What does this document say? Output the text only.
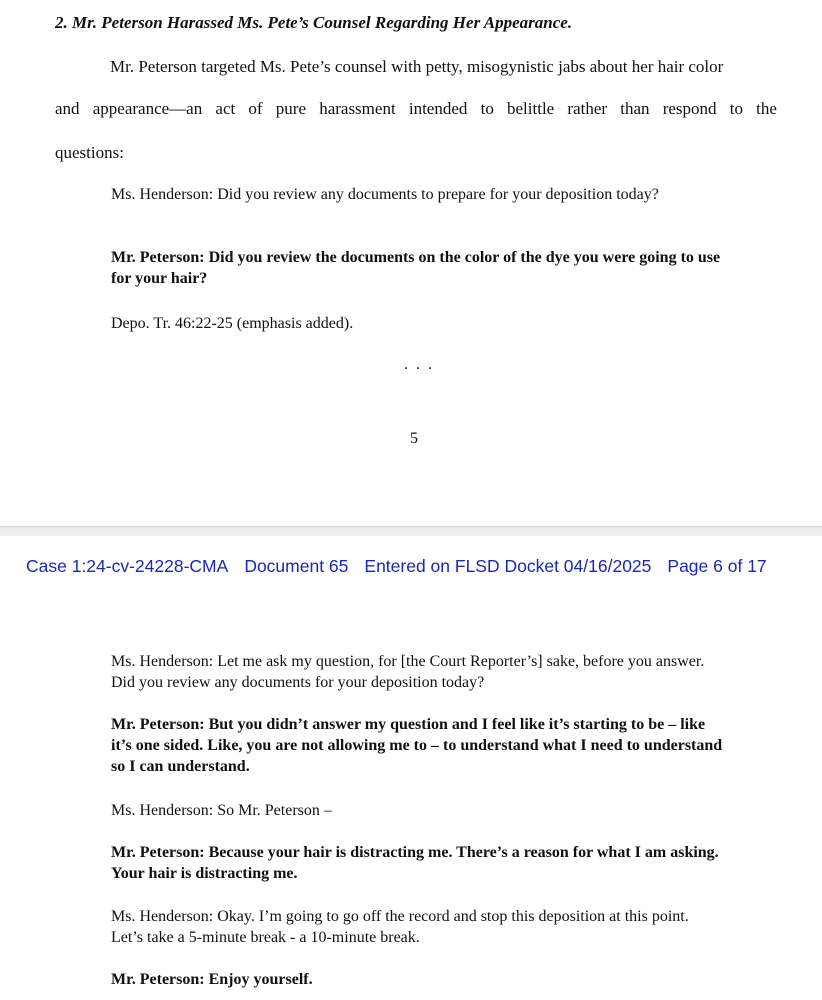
2. Mr. Peterson Harassed Ms. Pete’s Counsel Regarding Her Appearance.
Mr. Peterson targeted Ms. Pete’s counsel with petty, misogynistic jabs about her hair color
and appearance—an act of pure harassment intended to belittle rather than respond to the
questions:
Ms. Henderson: Did you review any documents to prepare for your deposition today?
Mr. Peterson: Did you review the documents on the color of the dye you were going to use for your hair?
Depo. Tr. 46:22-25 (emphasis added).
. . .
5
Case 1:24-cv-24228-CMA Document 65 Entered on FLSD Docket 04/16/2025 Page 6 of 17
Ms. Henderson: Let me ask my question, for [the Court Reporter’s] sake, before you answer. Did you review any documents for your deposition today?
Mr. Peterson: But you didn’t answer my question and I feel like it’s starting to be – like it’s one sided. Like, you are not allowing me to – to understand what I need to understand so I can understand.
Ms. Henderson: So Mr. Peterson –
Mr. Peterson: Because your hair is distracting me. There’s a reason for what I am asking. Your hair is distracting me.
Ms. Henderson: Okay. I’m going to go off the record and stop this deposition at this point. Let’s take a 5-minute break - a 10-minute break.
Mr. Peterson: Enjoy yourself.
